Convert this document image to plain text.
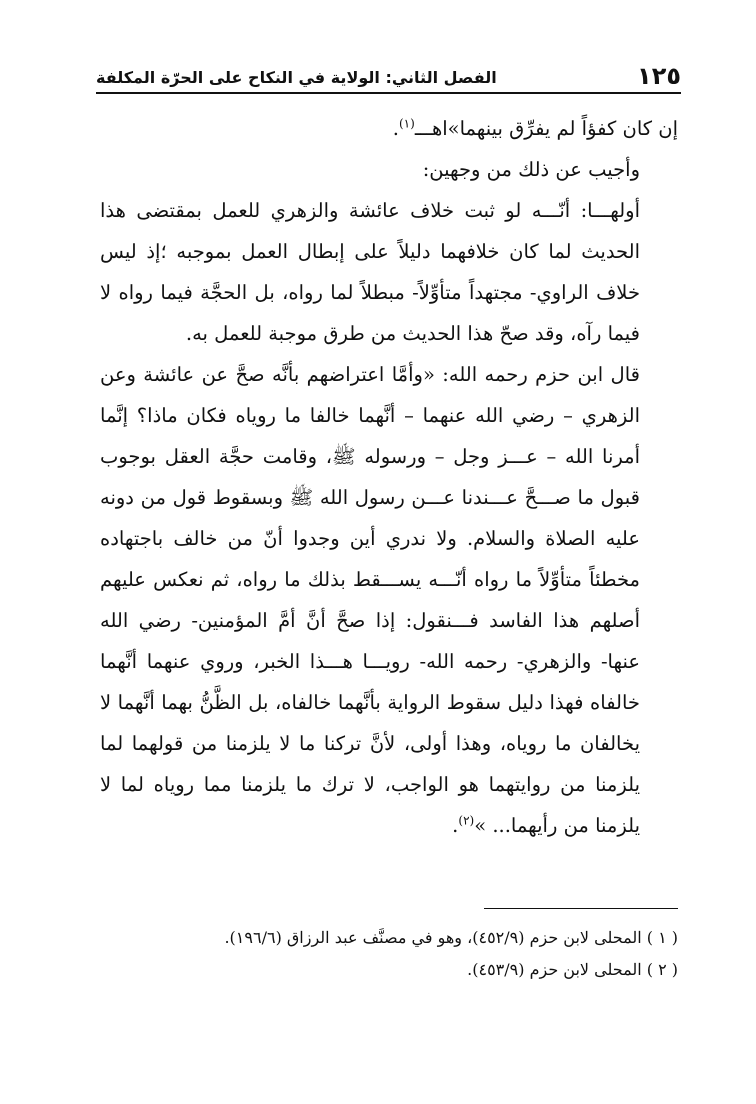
١٢٥
الفصل الثاني: الولاية في النكاح على الحرّة المكلفة

إن كان كفؤاً لم يفرِّق بينهما»اهـــ$^{(١)}$.

وأجيب عن ذلك من وجهين:

أولهـــا: أنّـــه لو ثبت خلاف عائشة والزهري للعمل بمقتضى هذا الحديث لما كان خلافهما دليلاً على إبطال العمل بموجبه ؛إذ ليس خلاف الراوي- مجتهداً متأوِّلاً- مبطلاً لما رواه، بل الحجَّة فيما رواه لا فيما رآه، وقد صحّ هذا الحديث من طرق موجبة للعمل به.

قال ابن حزم رحمه الله: «وأمَّا اعتراضهم بأنَّه صحَّ عن عائشة وعن الزهري – رضي الله عنهما – أنَّهما خالفا ما روياه فكان ماذا؟ إنَّما أمرنا الله – عـــز وجل – ورسوله ﷺ، وقامت حجَّة العقل بوجوب قبول ما صـــحَّ عـــندنا عـــن رسول الله ﷺ وبسقوط قول من دونه عليه الصلاة والسلام. ولا ندري أين وجدوا أنّ من خالف باجتهاده مخطئاً متأوِّلاً ما رواه أنّـــه يســـقط بذلك ما رواه، ثم نعكس عليهم أصلهم هذا الفاسد فـــنقول: إذا صحَّ أنَّ أمَّ المؤمنين- رضي الله عنها- والزهري- رحمه الله- رويـــا هـــذا الخبر، وروي عنهما أنَّهما خالفاه فهذا دليل سقوط الرواية بأنَّهما خالفاه، بل الظَّنُّ بهما أنَّهما لا يخالفان ما روياه، وهذا أولى، لأنَّ تركنا ما لا يلزمنا من قولهما لما يلزمنا من روايتهما هو الواجب، لا ترك ما يلزمنا مما روياه لما لا يلزمنا من رأيهما... »$^{(٢)}$.

( ١ ) المحلى لابن حزم (٤٥٢/٩)، وهو في مصنَّف عبد الرزاق (١٩٦/٦).

( ٢ ) المحلى لابن حزم (٤٥٣/٩).
